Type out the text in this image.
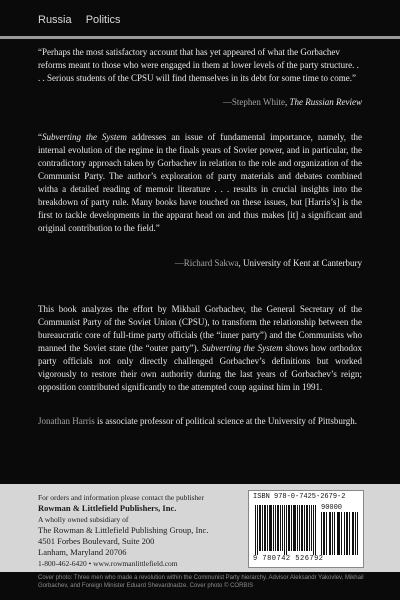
Russia Politics
“Perhaps the most satisfactory account that has yet appeared of what the Gorbachev reforms meant to those who were engaged in them at lower levels of the party structure. . . . Serious students of the CPSU will find themselves in its debt for some time to come.”
—Stephen White, The Russian Review
“Subverting the System addresses an issue of fundamental importance, namely, the internal evolution of the regime in the finals years of Sovier power, and in particular, the contradictory approach taken by Gorbachev in relation to the role and organization of the Communist Party. The author’s exploration of party materials and debates combined witha a detailed reading of memoir literature . . . results in crucial insights into the breakdown of party rule. Many books have touched on these issues, but [Harris’s] is the first to tackle developments in the apparat head on and thus makes [it] a significant and original contribution to the field.”
—Richard Sakwa, University of Kent at Canterbury
This book analyzes the effort by Mikhail Gorbachev, the General Secretary of the Communist Party of the Soviet Union (CPSU), to transform the relationship between the bureaucratic core of full-time party officials (the “inner party”) and the Communists who manned the Soviet state (the “outer party”). Subverting the System shows how orthodox party officials not only directly challenged Gorbachev’s definitions but worked vigorously to restore their own authority during the last years of Gorbachev’s reign; opposition contributed significantly to the attempted coup against him in 1991.
Jonathan Harris is associate professor of political science at the University of Pittsburgh.
For orders and information please contact the publisher
Rowman & Littlefield Publishers, Inc.
A wholly owned subsidiary of
The Rowman & Littlefield Publishing Group, Inc.
4501 Forbes Boulevard, Suite 200
Lanham, Maryland 20706
1-800-462-6420 • www.rowmanlittlefield.com
ISBN 978-0-7425-2679-2
90000
9 780742 526792
Cover photo: Three men who made a revolution within the Communist Party hierarchy. Advisor Aleksandr Yakovlev, Mikhail Gorbachev, and Foreign Minister Eduard Shevardnadze. Cover photo © CORBIS
